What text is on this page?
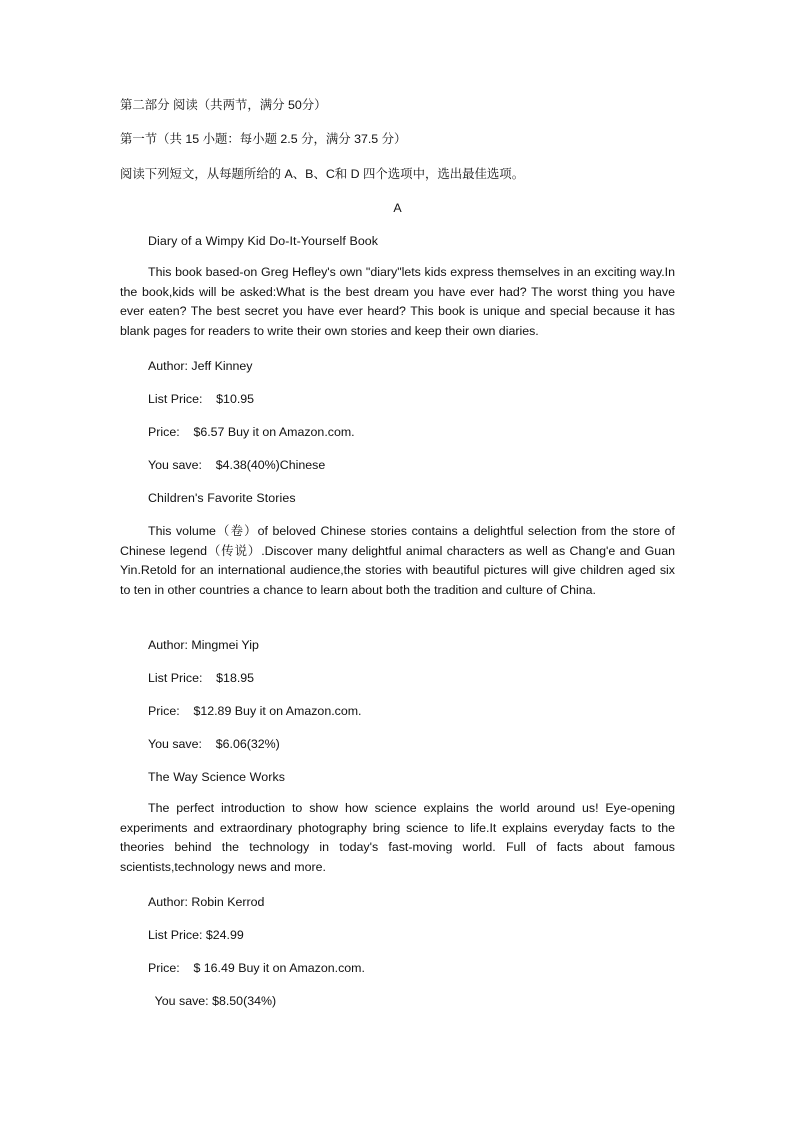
第二部分 阅读（共两节，满分 50分）
第一节（共 15 小题：每小题 2.5 分，满分 37.5 分）
阅读下列短文，从每题所给的 A、B、C和 D 四个选项中，选出最佳选项。
A
Diary of a Wimpy Kid Do-It-Yourself Book
This book based-on Greg Hefley's own "diary"lets kids express themselves in an exciting way.In the book,kids will be asked:What is the best dream you have ever had? The worst thing you have ever eaten? The best secret you have ever heard? This book is unique and special because it has blank pages for readers to write their own stories and keep their own diaries.
Author: Jeff Kinney
List Price:    $10.95
Price:    $6.57 Buy it on Amazon.com.
You save:    $4.38(40%)Chinese
Children's Favorite Stories
This volume（卷）of beloved Chinese stories contains a delightful selection from the store of Chinese legend（传说）.Discover many delightful animal characters as well as Chang'e and Guan Yin.Retold for an international audience,the stories with beautiful pictures will give children aged six to ten in other countries a chance to learn about both the tradition and culture of China.
Author: Mingmei Yip
List Price:    $18.95
Price:    $12.89 Buy it on Amazon.com.
You save:    $6.06(32%)
The Way Science Works
The perfect introduction to show how science explains the world around us! Eye-opening experiments and extraordinary photography bring science to life.It explains everyday facts to the theories behind the technology in today's fast-moving world. Full of facts about famous scientists,technology news and more.
Author: Robin Kerrod
List Price: $24.99
Price:    $ 16.49 Buy it on Amazon.com.
You save: $8.50(34%)
